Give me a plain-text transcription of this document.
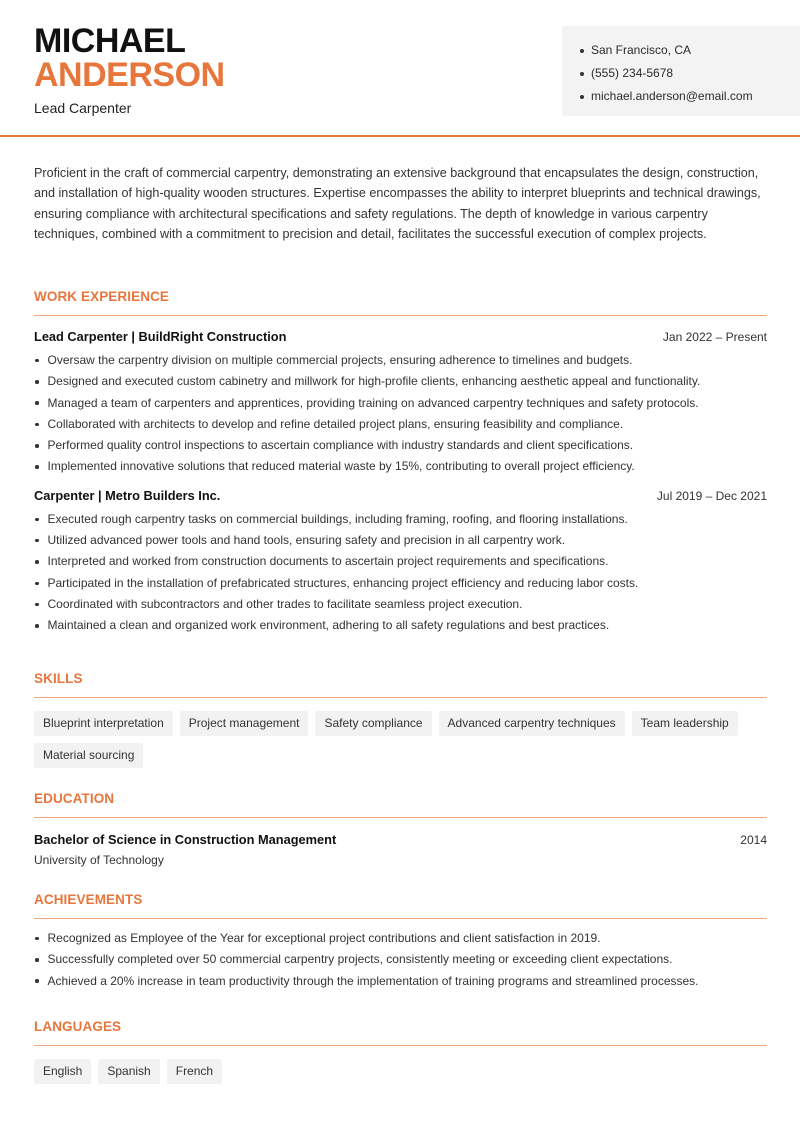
MICHAEL
ANDERSON
Lead Carpenter
San Francisco, CA
(555) 234-5678
michael.anderson@email.com
Proficient in the craft of commercial carpentry, demonstrating an extensive background that encapsulates the design, construction, and installation of high-quality wooden structures. Expertise encompasses the ability to interpret blueprints and technical drawings, ensuring compliance with architectural specifications and safety regulations. The depth of knowledge in various carpentry techniques, combined with a commitment to precision and detail, facilitates the successful execution of complex projects.
WORK EXPERIENCE
Lead Carpenter | BuildRight Construction	Jan 2022 – Present
Oversaw the carpentry division on multiple commercial projects, ensuring adherence to timelines and budgets.
Designed and executed custom cabinetry and millwork for high-profile clients, enhancing aesthetic appeal and functionality.
Managed a team of carpenters and apprentices, providing training on advanced carpentry techniques and safety protocols.
Collaborated with architects to develop and refine detailed project plans, ensuring feasibility and compliance.
Performed quality control inspections to ascertain compliance with industry standards and client specifications.
Implemented innovative solutions that reduced material waste by 15%, contributing to overall project efficiency.
Carpenter | Metro Builders Inc.	Jul 2019 – Dec 2021
Executed rough carpentry tasks on commercial buildings, including framing, roofing, and flooring installations.
Utilized advanced power tools and hand tools, ensuring safety and precision in all carpentry work.
Interpreted and worked from construction documents to ascertain project requirements and specifications.
Participated in the installation of prefabricated structures, enhancing project efficiency and reducing labor costs.
Coordinated with subcontractors and other trades to facilitate seamless project execution.
Maintained a clean and organized work environment, adhering to all safety regulations and best practices.
SKILLS
Blueprint interpretation	Project management	Safety compliance	Advanced carpentry techniques	Team leadership
Material sourcing
EDUCATION
Bachelor of Science in Construction Management	2014
University of Technology
ACHIEVEMENTS
Recognized as Employee of the Year for exceptional project contributions and client satisfaction in 2019.
Successfully completed over 50 commercial carpentry projects, consistently meeting or exceeding client expectations.
Achieved a 20% increase in team productivity through the implementation of training programs and streamlined processes.
LANGUAGES
English	Spanish	French
